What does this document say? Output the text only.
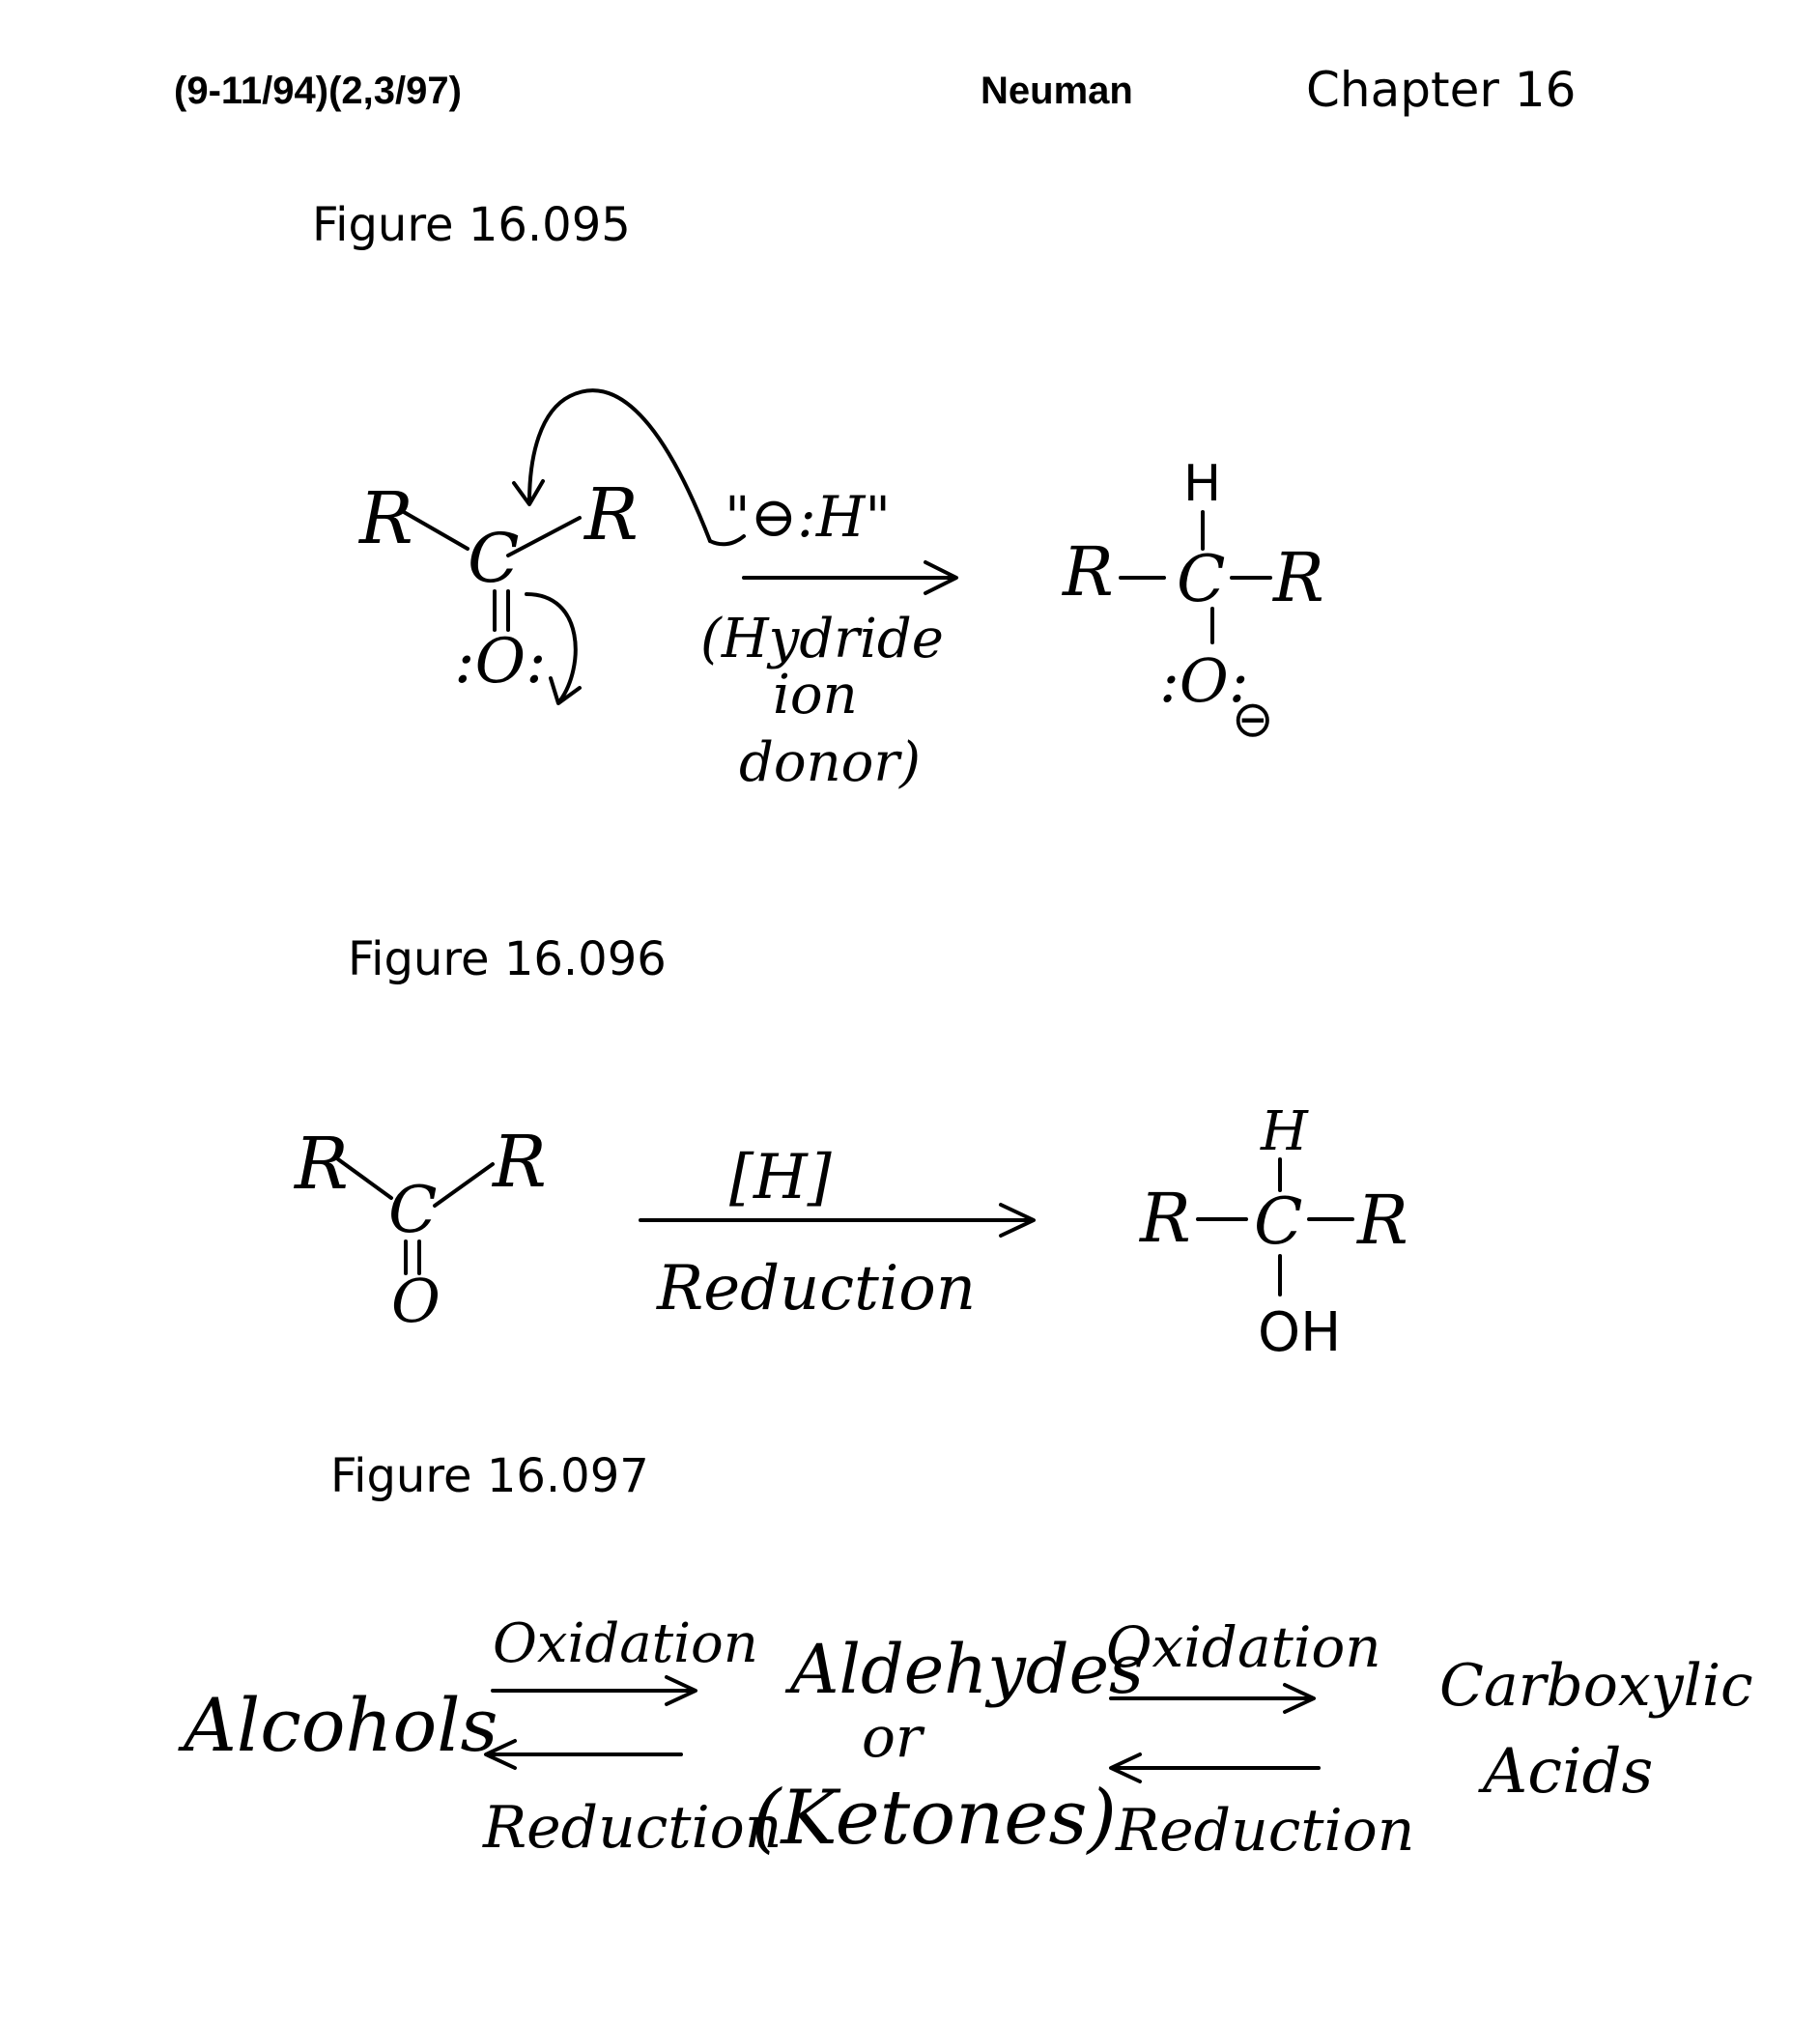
(9-11/94)(2,3/97)	Neuman	Chapter 16
Figure 16.095
Figure 16.096
Figure 16.097
R C
R
:O:
"⊖:H"
(Hydride
ion
donor)
H
R C R
:O:
⊖
R
C
R
O
[H]
Reduction
H
R C R
OH
Alcohols
Oxidation
Reduction
Aldehydes
or
(Ketones)
Oxidation
Reduction
Carboxylic
Acids
